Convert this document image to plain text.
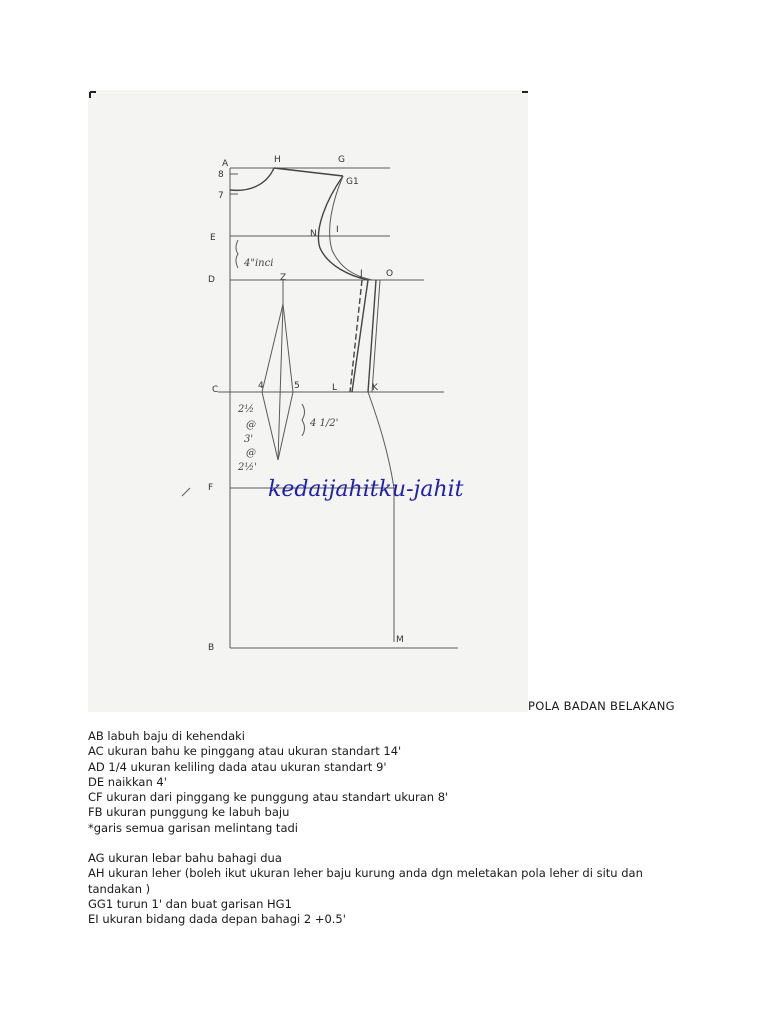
A	H	G
G1
8
7
E	N I
D
J	O
Z
C	L	K
4	5
F
B
M
4"inci
4 1/2'
2½
@
3'
@
2½'
kedaijahitku-jahit
POLA BADAN BELAKANG

AB labuh baju di kehendaki

AC ukuran bahu ke pinggang atau ukuran standart 14'

AD 1/4 ukuran keliling dada atau ukuran standart 9'

DE naikkan 4'

CF ukuran dari pinggang ke punggung atau standart ukuran 8'

FB ukuran punggung ke labuh baju

*garis semua garisan melintang tadi

AG ukuran lebar bahu bahagi dua

AH ukuran leher (boleh ikut ukuran leher baju kurung anda dgn meletakan pola leher di situ dan tandakan )

GG1 turun 1' dan buat garisan HG1

EI ukuran bidang dada depan bahagi 2 +0.5'
